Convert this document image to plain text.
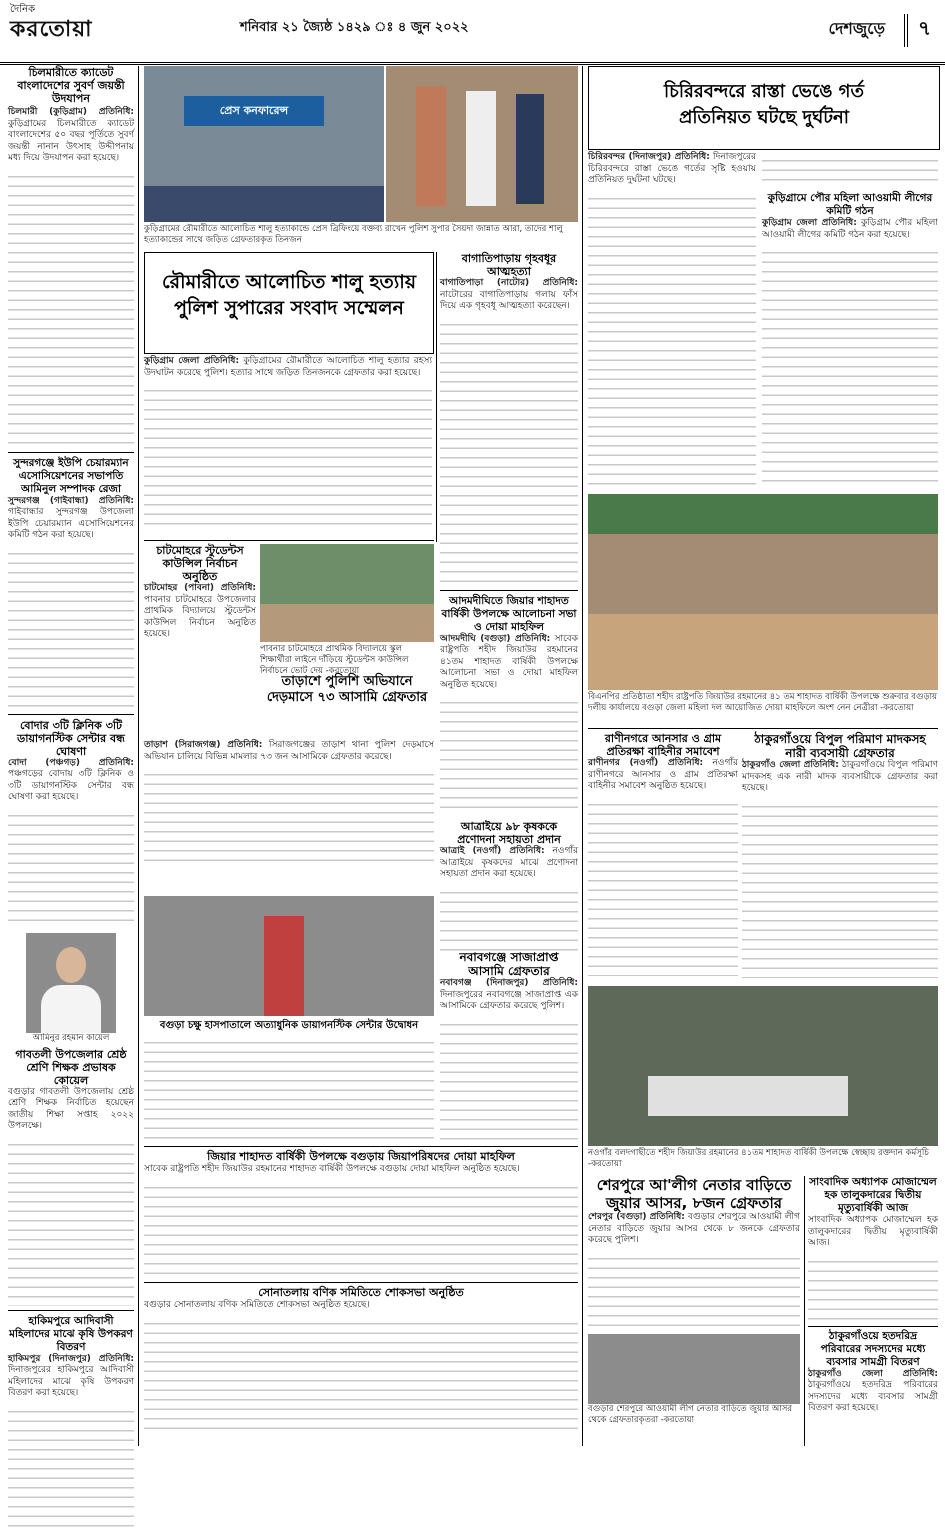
দৈনিক
করতোয়া	শনিবার ২১ জ্যৈষ্ঠ ১৪২৯ ঃ ৪ জুন ২০২২	দেশজুড়ে	৭
চিলমারীতে ক্যাডেট বাংলাদেশের সুবর্ণ জয়ন্তী উদযাপন

চিলমারী (কুড়িগ্রাম) প্রতিনিধি: কুড়িগ্রামের চিলমারীতে ক্যাডেট বাংলাদেশের ৫০ বছর পূর্তিতে সুবর্ণ জয়ন্তী নানান উৎসাহ উদ্দীপনায় মধ্য দিয়ে উদযাপন করা হয়েছে।

সুন্দরগঞ্জে ইউপি চেয়ারম্যান এসোসিয়েশনের সভাপতি আমিনুল সম্পাদক রেজা

সুন্দরগঞ্জ (গাইবান্ধা) প্রতিনিধি: গাইবান্ধার সুন্দরগঞ্জ উপজেলা ইউপি চেয়ারম্যান এসোসিয়েশনের কমিটি গঠন করা হয়েছে।

বোদার ৩টি ক্লিনিক ৩টি ডায়াগনস্টিক সেন্টার বন্ধ ঘোষণা

বোদা (পঞ্চগড়) প্রতিনিধি: পঞ্চগড়ের বোদায় ৩টি ক্লিনিক ও ৩টি ডায়াগনস্টিক সেন্টার বন্ধ ঘোষণা করা হয়েছে।

আমিনুর রহমান কায়েল
গাবতলী উপজেলার শ্রেষ্ঠ শ্রেণি শিক্ষক প্রভাষক কোয়েল

বগুড়ার গাবতলী উপজেলায় শ্রেষ্ঠ শ্রেণি শিক্ষক নির্বাচিত হয়েছেন জাতীয় শিক্ষা সপ্তাহ ২০২২ উপলক্ষে।

হাকিমপুরে আদিবাসী মহিলাদের মাঝে কৃষি উপকরণ বিতরণ

হাকিমপুর (দিনাজপুর) প্রতিনিধি: দিনাজপুরের হাকিমপুরে আদিবাসী মহিলাদের মাঝে কৃষি উপকরণ বিতরণ করা হয়েছে।

প্রেস কনফারেন্স
কুড়িগ্রামের রৌমারীতে আলোচিত শালু হত্যাকান্ডে প্রেস ব্রিফিংয়ে বক্তব্য রাখেন পুলিশ সুপার সৈয়দা জান্নাত আরা, তাদের শালু হত্যাকান্ডের সাথে জড়িত গ্রেফতারকৃত তিনজন
রৌমারীতে আলোচিত শালু হত্যায়
পুলিশ সুপারের সংবাদ সম্মেলন

কুড়িগ্রাম জেলা প্রতিনিধি: কুড়িগ্রামের রৌমারীতে আলোচিত শালু হত্যার রহস্য উদঘাটন করেছে পুলিশ। হত্যার সাথে জড়িত তিনজনকে গ্রেফতার করা হয়েছে।

বাগাতিপাড়ায় গৃহবধূর আত্মহত্যা

বাগাতিপাড়া (নাটোর) প্রতিনিধি: নাটোরের বাগাতিপাড়ায় গলায় ফাঁস দিয়ে এক গৃহবধূ আত্মহত্যা করেছেন।

আদমদীঘিতে জিয়ার শাহাদত বার্ষিকী উপলক্ষে আলোচনা সভা ও দোয়া মাহফিল

আদমদীঘি (বগুড়া) প্রতিনিধি: সাবেক রাষ্ট্রপতি শহীদ জিয়াউর রহমানের ৪১তম শাহাদত বার্ষিকী উপলক্ষে আলোচনা সভা ও দোয়া মাহফিল অনুষ্ঠিত হয়েছে।

চাটমোহরে স্টুডেন্টস কাউন্সিল নির্বাচন অনুষ্ঠিত

চাটমোহর (পাবনা) প্রতিনিধি: পাবনার চাটমোহরে উপজেলার প্রাথমিক বিদ্যালয়ে স্টুডেন্টস কাউন্সিল নির্বাচন অনুষ্ঠিত হয়েছে।

পাবনার চাটমোহরে প্রাথমিক বিদ্যালয়ে স্কুল শিক্ষার্থীরা লাইনে দাঁড়িয়ে স্টুডেন্টস কাউন্সিল নির্বাচনে ভোট দেয় -করতোয়া
তাড়াশে পুলিশি অভিযানে দেড়মাসে ৭৩ আসামি গ্রেফতার

তাড়াশ (সিরাজগঞ্জ) প্রতিনিধি: সিরাজগঞ্জের তাড়াশ থানা পুলিশ দেড়মাসে অভিযান চালিয়ে বিভিন্ন মামলার ৭৩ জন আসামিকে গ্রেফতার করেছে।

আত্রাইয়ে ৯৮ কৃষককে প্রণোদনা সহায়তা প্রদান

আত্রাই (নওগাঁ) প্রতিনিধি: নওগাঁর আত্রাইয়ে কৃষকদের মাঝে প্রণোদনা সহায়তা প্রদান করা হয়েছে।

বগুড়া চক্ষু হাসপাতালে অত্যাধুনিক ডায়াগনস্টিক সেন্টার উদ্বোধন
নবাবগঞ্জে সাজাপ্রাপ্ত আসামি গ্রেফতার

নবাবগঞ্জ (দিনাজপুর) প্রতিনিধি: দিনাজপুরের নবাবগঞ্জে সাজাপ্রাপ্ত এক আসামিকে গ্রেফতার করেছে পুলিশ।

জিয়ার শাহাদত বার্ষিকী উপলক্ষে বগুড়ায় জিয়াপরিষদের দোয়া মাহফিল

সাবেক রাষ্ট্রপতি শহীদ জিয়াউর রহমানের শাহাদত বার্ষিকী উপলক্ষে বগুড়ায় দোয়া মাহফিল অনুষ্ঠিত হয়েছে।

সোনাতলায় বণিক সমিতিতে শোকসভা অনুষ্ঠিত

বগুড়ার সোনাতলায় বণিক সমিতিতে শোকসভা অনুষ্ঠিত হয়েছে।

চিরিরবন্দরে রাস্তা ভেঙে গর্ত
প্রতিনিয়ত ঘটছে দুর্ঘটনা

চিরিরবন্দর (দিনাজপুর) প্রতিনিধি: দিনাজপুরের চিরিরবন্দরে রাস্তা ভেঙে গর্তের সৃষ্টি হওয়ায় প্রতিনিয়ত দুর্ঘটনা ঘটছে।

কুড়িগ্রামে পৌর মহিলা আওয়ামী লীগের কমিটি গঠন

কুড়িগ্রাম জেলা প্রতিনিধি: কুড়িগ্রাম পৌর মহিলা আওয়ামী লীগের কমিটি গঠন করা হয়েছে।

বিএনপির প্রতিষ্ঠাতা শহীদ রাষ্ট্রপতি জিয়াউর রহমানের ৪১ তম শাহাদত বার্ষিকী উপলক্ষে শুক্রবার বগুড়ায় দলীয় কার্যালয়ে বগুড়া জেলা মহিলা দল আয়োজিত দোয়া মাহফিলে অংশ নেন নেত্রীরা -করতোয়া
রাণীনগরে আনসার ও গ্রাম প্রতিরক্ষা বাহিনীর সমাবেশ

রাণীনগর (নওগাঁ) প্রতিনিধি: নওগাঁর রাণীনগরে আনসার ও গ্রাম প্রতিরক্ষা বাহিনীর সমাবেশ অনুষ্ঠিত হয়েছে।

ঠাকুরগাঁওয়ে বিপুল পরিমাণ মাদকসহ নারী ব্যবসায়ী গ্রেফতার

ঠাকুরগাঁও জেলা প্রতিনিধি: ঠাকুরগাঁওয়ে বিপুল পরিমাণ মাদকসহ এক নারী মাদক ব্যবসায়ীকে গ্রেফতার করা হয়েছে।

নওগাঁর বলদগাছীতে শহীদ জিয়াউর রহমানের ৪১তম শাহাদত বার্ষিকী উপলক্ষে স্বেচ্ছায় রক্তদান কর্মসূচি -করতোয়া
শেরপুরে আ'লীগ নেতার বাড়িতে
জুয়ার আসর, ৮জন গ্রেফতার

শেরপুর (বগুড়া) প্রতিনিধি: বগুড়ার শেরপুরে আওয়ামী লীগ নেতার বাড়িতে জুয়ার আসর থেকে ৮ জনকে গ্রেফতার করেছে পুলিশ।

বগুড়ার শেরপুরে আওয়ামী লীগ নেতার বাড়িতে জুয়ার আসর থেকে গ্রেফতারকৃতরা -করতোয়া
সাংবাদিক অধ্যাপক মোজাম্মেল হক তালুকদারের দ্বিতীয় মৃত্যুবার্ষিকী আজ

সাংবাদিক অধ্যাপক মোজাম্মেল হক তালুকদারের দ্বিতীয় মৃত্যুবার্ষিকী আজ।

ঠাকুরগাঁওয়ে হতদরিদ্র পরিবারের সদস্যদের মধ্যে ব্যবসার সামগ্রী বিতরণ

ঠাকুরগাঁও জেলা প্রতিনিধি: ঠাকুরগাঁওয়ে হতদরিদ্র পরিবারের সদস্যদের মধ্যে ব্যবসার সামগ্রী বিতরণ করা হয়েছে।
